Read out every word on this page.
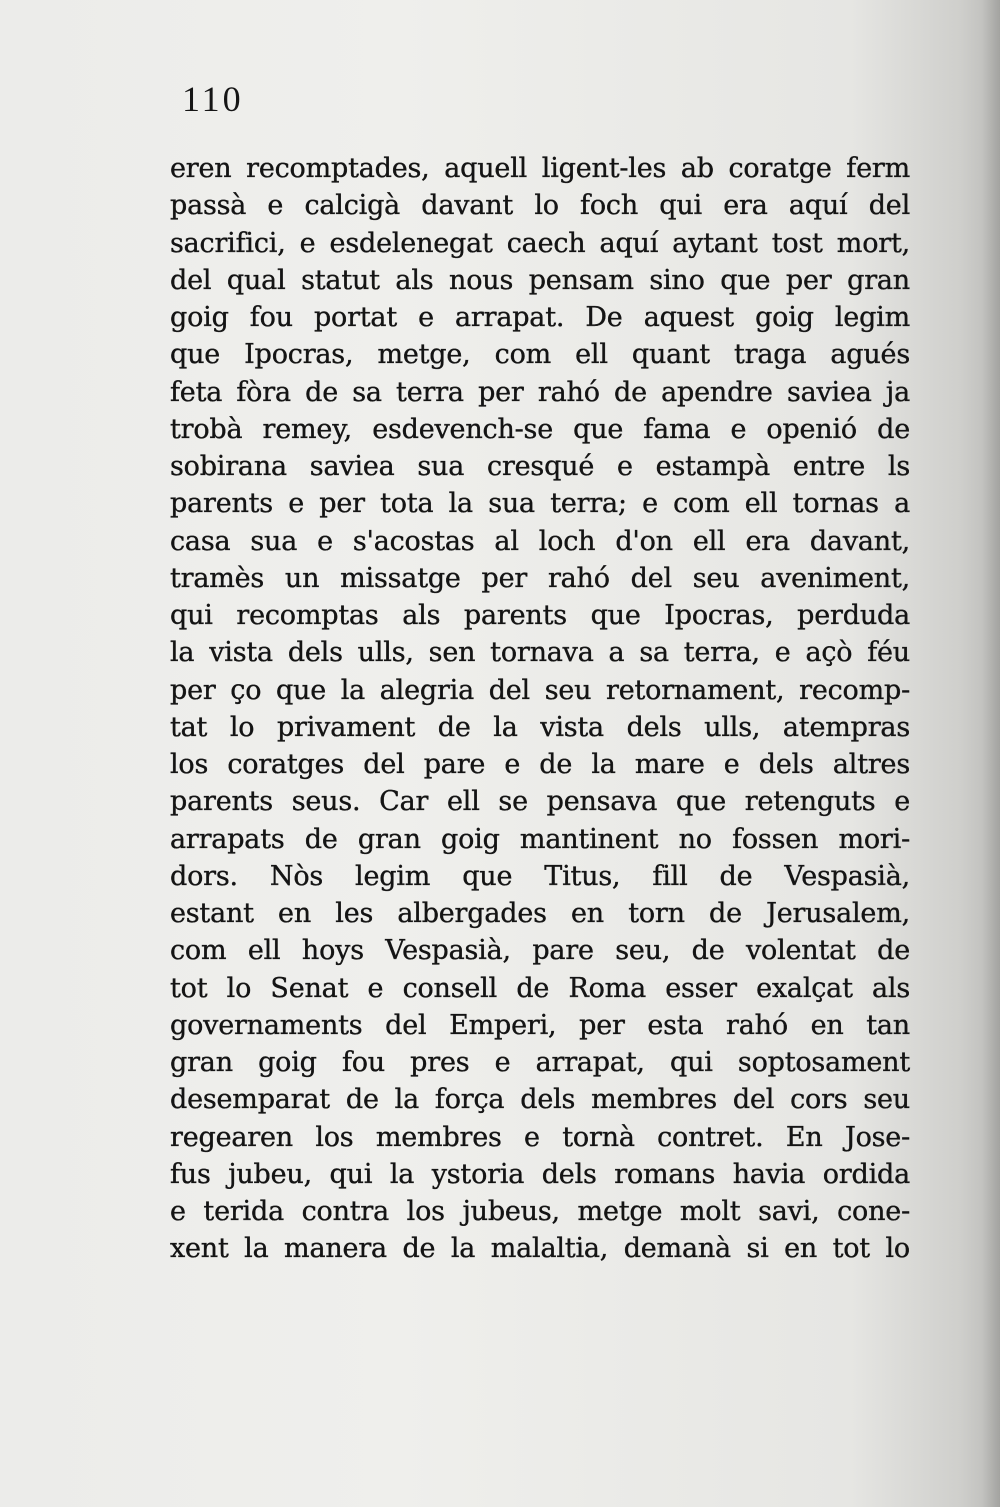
110

eren recomptades, aquell ligent-les ab coratge ferm
passà e calcigà davant lo foch qui era aquí del
sacrifici, e esdelenegat caech aquí aytant tost mort,
del qual statut als nous pensam sino que per gran
goig fou portat e arrapat. De aquest goig legim
que Ipocras, metge, com ell quant traga agués
feta fòra de sa terra per rahó de apendre saviea ja
trobà remey, esdevench-se que fama e openió de
sobirana saviea sua cresqué e estampà entre ls
parents e per tota la sua terra; e com ell tornas a
casa sua e s'acostas al loch d'on ell era davant,
tramès un missatge per rahó del seu aveniment,
qui recomptas als parents que Ipocras, perduda
la vista dels ulls, sen tornava a sa terra, e açò féu
per ço que la alegria del seu retornament, recomp-
tat lo privament de la vista dels ulls, atempras
los coratges del pare e de la mare e dels altres
parents seus. Car ell se pensava que retenguts e
arrapats de gran goig mantinent no fossen mori-
dors. Nòs legim que Titus, fill de Vespasià,
estant en les albergades en torn de Jerusalem,
com ell hoys Vespasià, pare seu, de volentat de
tot lo Senat e consell de Roma esser exalçat als
governaments del Emperi, per esta rahó en tan
gran goig fou pres e arrapat, qui soptosament
desemparat de la força dels membres del cors seu
regearen los membres e tornà contret. En Jose-
fus jubeu, qui la ystoria dels romans havia ordida
e terida contra los jubeus, metge molt savi, cone-
xent la manera de la malaltia, demanà si en tot lo
